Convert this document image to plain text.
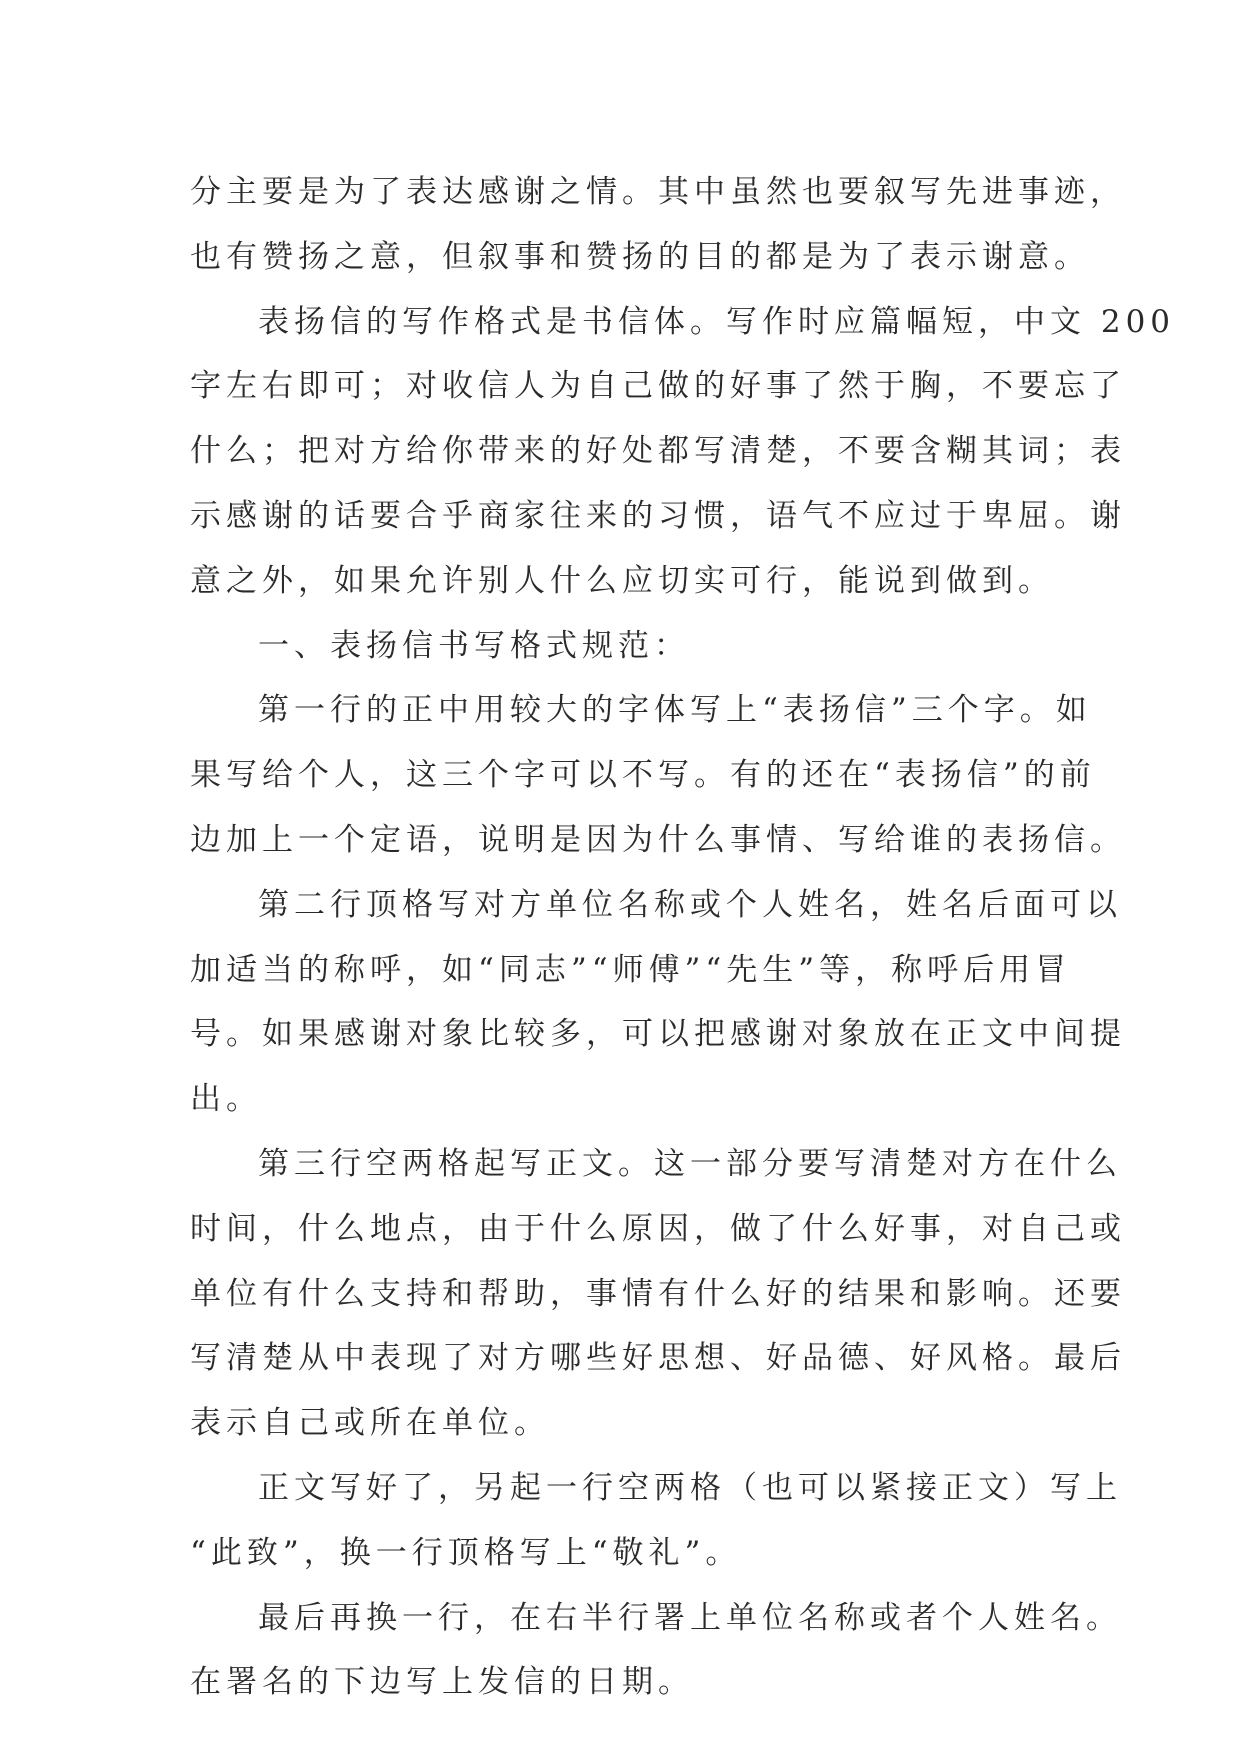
分主要是为了表达感谢之情。其中虽然也要叙写先进事迹，
也有赞扬之意，但叙事和赞扬的目的都是为了表示谢意。
表扬信的写作格式是书信体。写作时应篇幅短，中文 200
字左右即可；对收信人为自己做的好事了然于胸，不要忘了
什么；把对方给你带来的好处都写清楚，不要含糊其词；表
示感谢的话要合乎商家往来的习惯，语气不应过于卑屈。谢
意之外，如果允许别人什么应切实可行，能说到做到。
一、表扬信书写格式规范：
第一行的正中用较大的字体写上“表扬信”三个字。如
果写给个人，这三个字可以不写。有的还在“表扬信”的前
边加上一个定语，说明是因为什么事情、写给谁的表扬信。
第二行顶格写对方单位名称或个人姓名，姓名后面可以
加适当的称呼，如“同志”“师傅”“先生”等，称呼后用冒
号。如果感谢对象比较多，可以把感谢对象放在正文中间提
出。
第三行空两格起写正文。这一部分要写清楚对方在什么
时间，什么地点，由于什么原因，做了什么好事，对自己或
单位有什么支持和帮助，事情有什么好的结果和影响。还要
写清楚从中表现了对方哪些好思想、好品德、好风格。最后
表示自己或所在单位。
正文写好了，另起一行空两格（也可以紧接正文）写上
“此致”，换一行顶格写上“敬礼”。
最后再换一行，在右半行署上单位名称或者个人姓名。
在署名的下边写上发信的日期。
